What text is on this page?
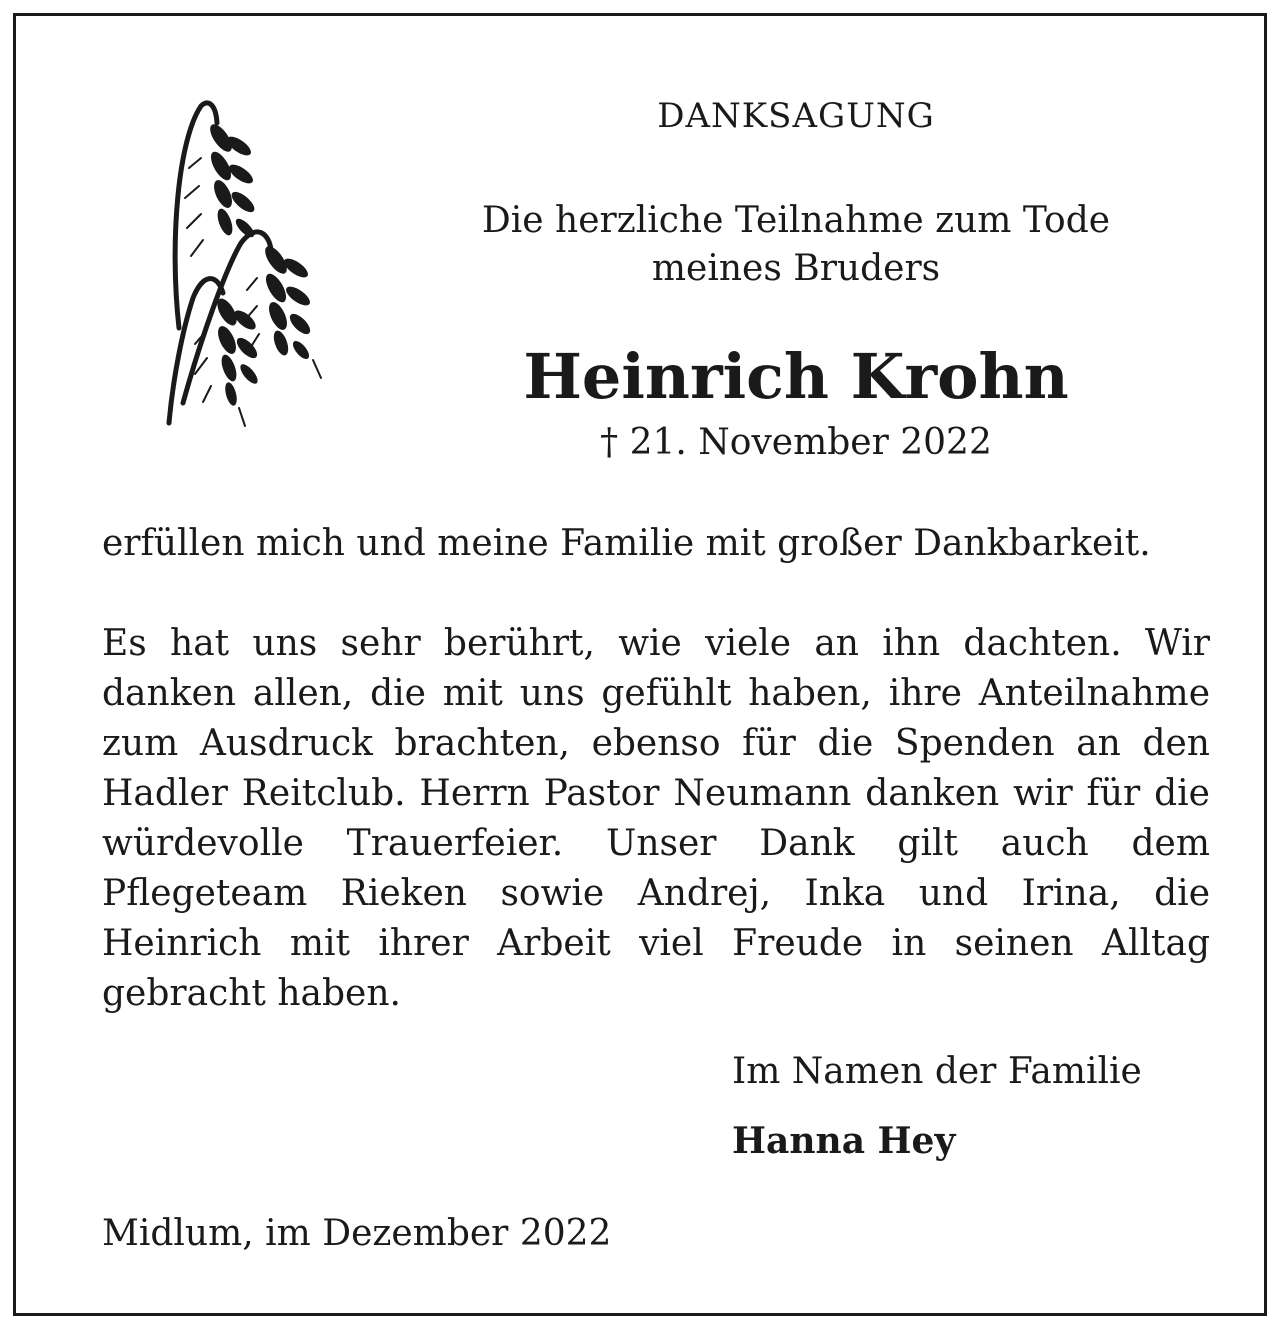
DANKSAGUNG
Die herzliche Teilnahme zum Tode
meines Bruders
Heinrich Krohn
† 21. November 2022
erfüllen mich und meine Familie mit großer Dankbarkeit.
Es hat uns sehr berührt, wie viele an ihn dachten. Wir danken allen, die mit uns gefühlt haben, ihre Anteilnahme zum Ausdruck brachten, ebenso für die Spenden an den Hadler Reitclub. Herrn Pastor Neumann danken wir für die würdevolle Trauerfeier. Unser Dank gilt auch dem Pflegeteam Rieken sowie Andrej, Inka und Irina, die Heinrich mit ihrer Arbeit viel Freude in seinen Alltag gebracht haben.
Im Namen der Familie
Hanna Hey
Midlum, im Dezember 2022
